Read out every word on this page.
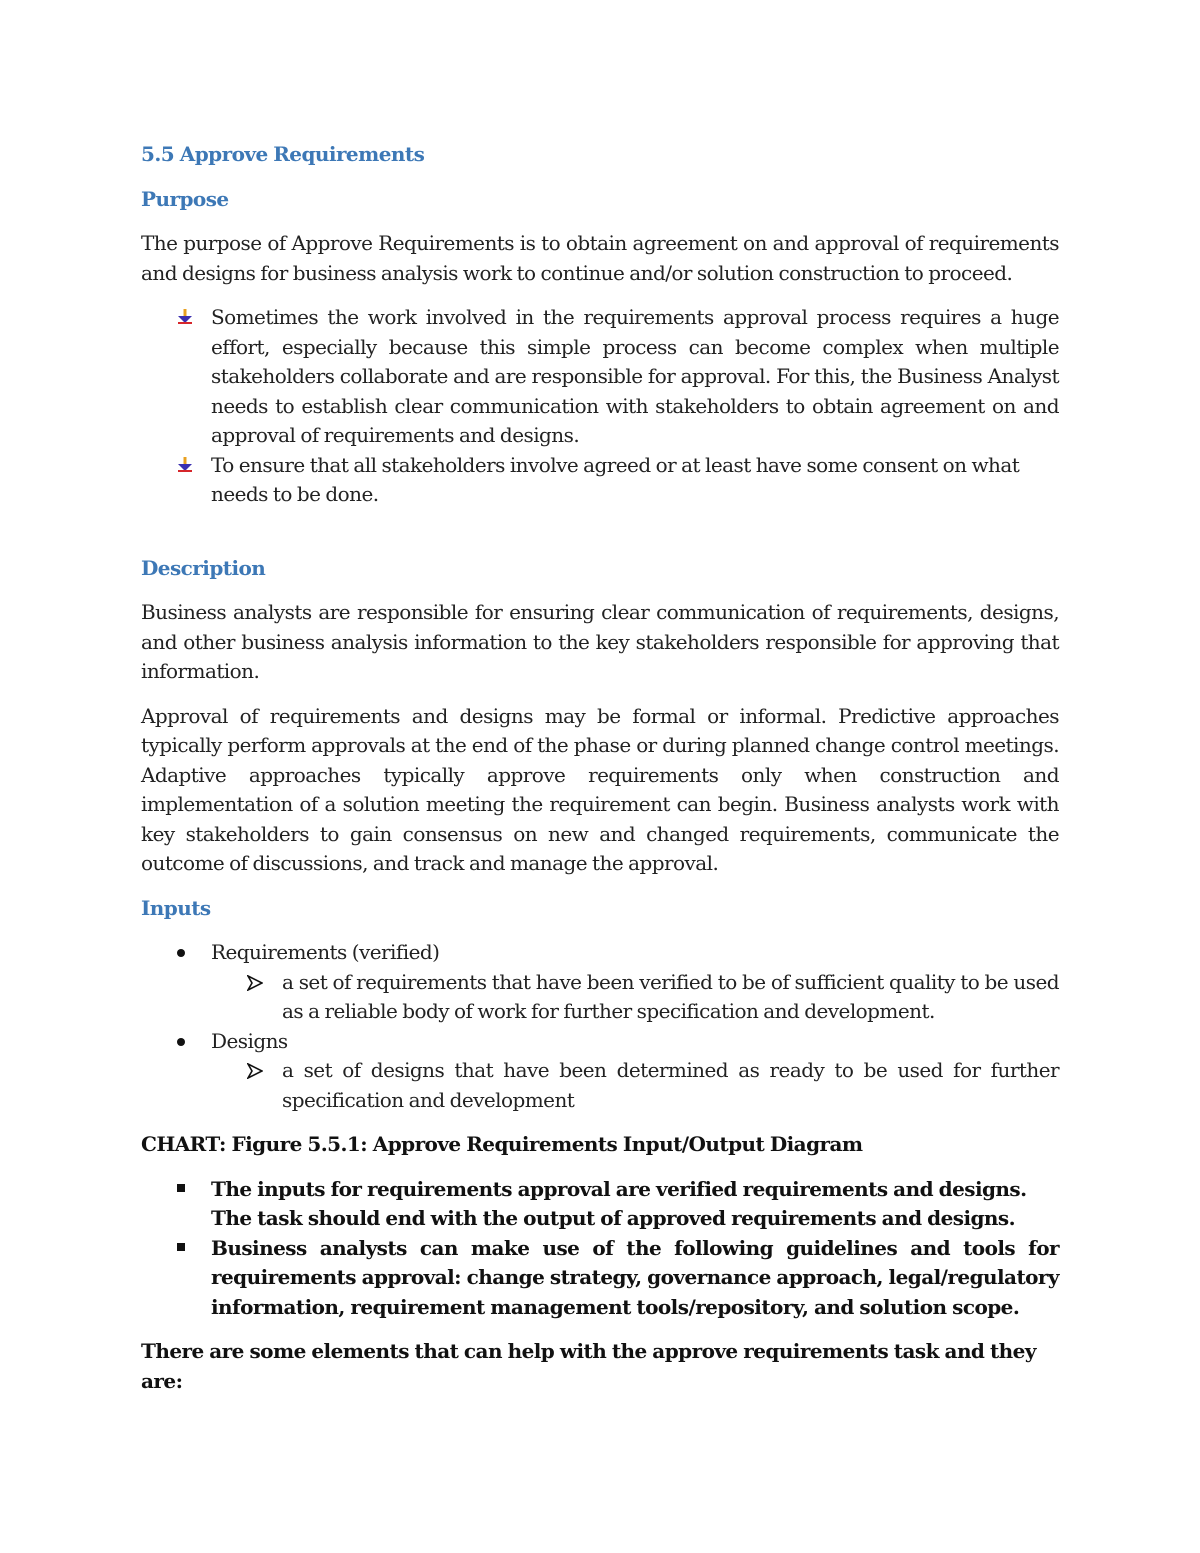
5.5 Approve Requirements
Purpose
The purpose of Approve Requirements is to obtain agreement on and approval of requirements and designs for business analysis work to continue and/or solution construction to proceed.
Sometimes the work involved in the requirements approval process requires a huge effort, especially because this simple process can become complex when multiple stakeholders collaborate and are responsible for approval. For this, the Business Analyst needs to establish clear communication with stakeholders to obtain agreement on and approval of requirements and designs.
To ensure that all stakeholders involve agreed or at least have some consent on what needs to be done.
Description
Business analysts are responsible for ensuring clear communication of requirements, designs, and other business analysis information to the key stakeholders responsible for approving that information.
Approval of requirements and designs may be formal or informal. Predictive approaches typically perform approvals at the end of the phase or during planned change control meetings. Adaptive approaches typically approve requirements only when construction and implementation of a solution meeting the requirement can begin. Business analysts work with key stakeholders to gain consensus on new and changed requirements, communicate the outcome of discussions, and track and manage the approval.
Inputs
Requirements (verified)
a set of requirements that have been verified to be of sufficient quality to be used as a reliable body of work for further specification and development.
Designs
a set of designs that have been determined as ready to be used for further specification and development
CHART: Figure 5.5.1: Approve Requirements Input/Output Diagram
The inputs for requirements approval are verified requirements and designs. The task should end with the output of approved requirements and designs.
Business analysts can make use of the following guidelines and tools for requirements approval: change strategy, governance approach, legal/regulatory information, requirement management tools/repository, and solution scope.
There are some elements that can help with the approve requirements task and they are:
